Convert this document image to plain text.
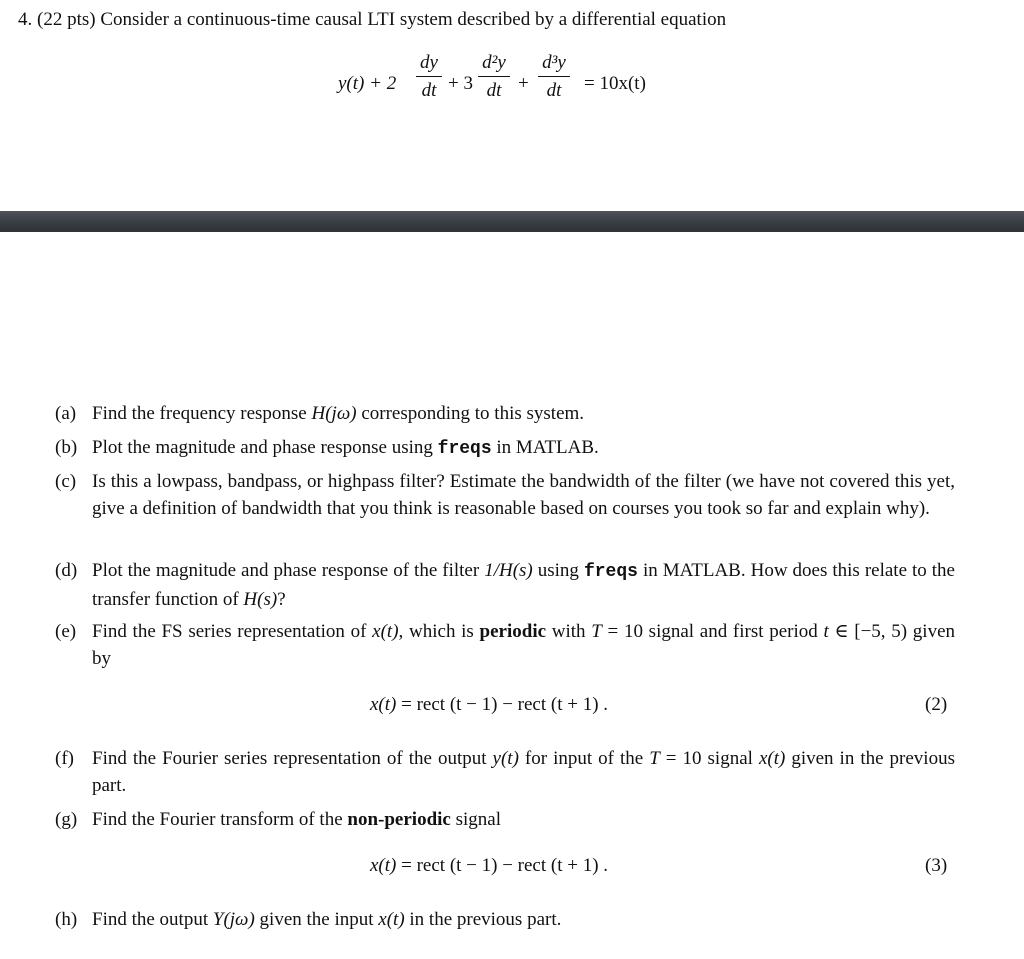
4. (22 pts) Consider a continuous-time causal LTI system described by a differential equation
y(t) + 2
dy
dt + 3
d²y
dt +
d³y
dt	= 10x(t)
(a) Find the frequency response H(jω) corresponding to this system.
(b) Plot the magnitude and phase response using freqs in MATLAB.
(c) Is this a lowpass, bandpass, or highpass filter? Estimate the bandwidth of the filter (we have not covered this yet, give a definition of bandwidth that you think is reasonable based on courses you took so far and explain why).
(d) Plot the magnitude and phase response of the filter 1/H(s) using freqs in MATLAB. How does this relate to the transfer function of H(s)?
(e) Find the FS series representation of x(t), which is periodic with T = 10 signal and first period t ∈ [−5, 5) given by
x(t) = rect (t − 1) − rect (t + 1) .	(2)
(f) Find the Fourier series representation of the output y(t) for input of the T = 10 signal x(t) given in the previous part.
(g) Find the Fourier transform of the non-periodic signal
x(t) = rect (t − 1) − rect (t + 1) .	(3)
(h) Find the output Y(jω) given the input x(t) in the previous part.
